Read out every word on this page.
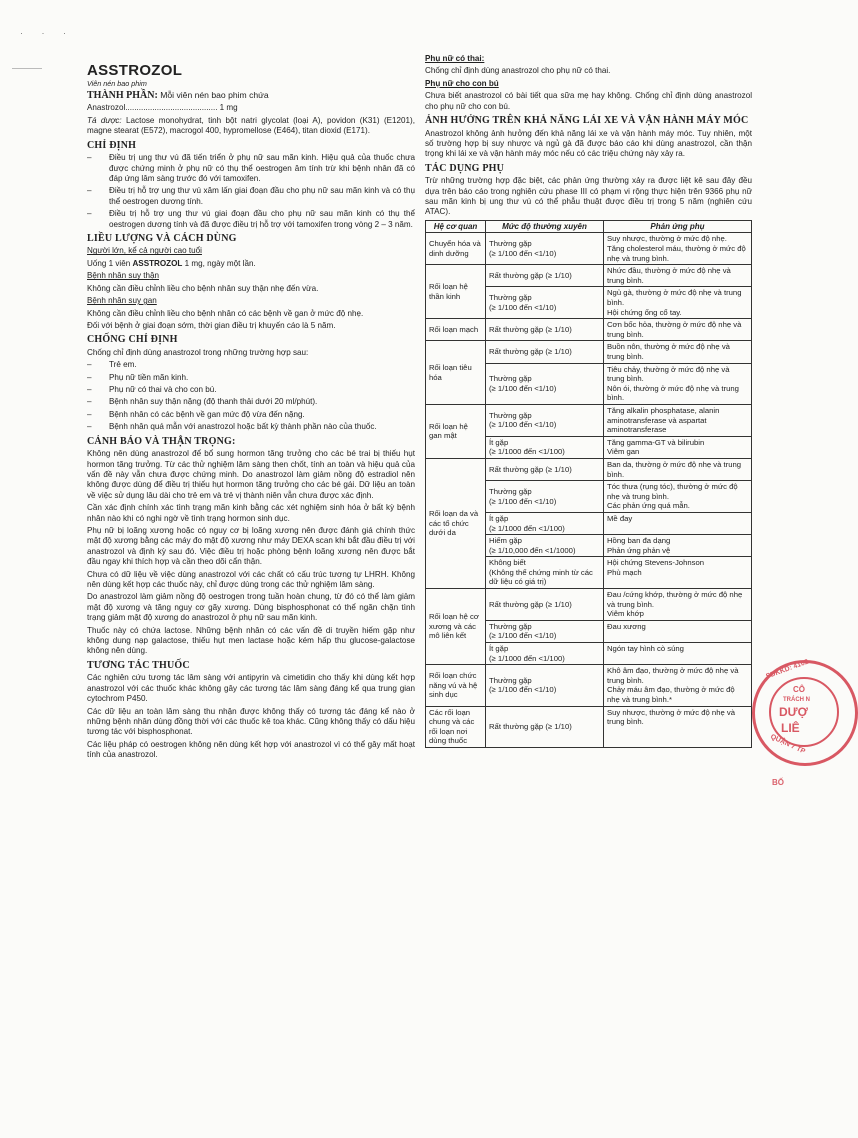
· · ·
ASSTROZOL
Viên nén bao phim

THÀNH PHẦN: Mỗi viên nén bao phim chứa

Anastrozol......................................... 1 mg

Tá dược: Lactose monohydrat, tinh bột natri glycolat (loại A), povidon (K31) (E1201), magne stearat (E572), macrogol 400, hypromellose (E464), titan dioxid (E171).

CHỈ ĐỊNH
– Điều trị ung thư vú đã tiến triển ở phụ nữ sau mãn kinh. Hiệu quả của thuốc chưa được chứng minh ở phụ nữ có thụ thể oestrogen âm tính trừ khi bệnh nhân đã có đáp ứng lâm sàng trước đó với tamoxifen.
– Điều trị hỗ trợ ung thư vú xâm lấn giai đoạn đầu cho phụ nữ sau mãn kinh và có thụ thể oestrogen dương tính.
– Điều trị hỗ trợ ung thư vú giai đoạn đầu cho phụ nữ sau mãn kinh có thụ thể oestrogen dương tính và đã được điều trị hỗ trợ với tamoxifen trong vòng 2 – 3 năm.
LIỀU LƯỢNG VÀ CÁCH DÙNG

Người lớn, kể cả người cao tuổi

Uống 1 viên ASSTROZOL 1 mg, ngày một lần.

Bệnh nhân suy thận

Không cần điều chỉnh liều cho bệnh nhân suy thận nhẹ đến vừa.

Bệnh nhân suy gan

Không cần điều chỉnh liều cho bệnh nhân có các bệnh về gan ở mức độ nhẹ.

Đối với bệnh ở giai đoạn sớm, thời gian điều trị khuyến cáo là 5 năm.

CHỐNG CHỈ ĐỊNH

Chống chỉ định dùng anastrozol trong những trường hợp sau:

– Trẻ em.
– Phụ nữ tiền mãn kinh.
– Phụ nữ có thai và cho con bú.
– Bệnh nhân suy thận nặng (độ thanh thải dưới 20 ml/phút).
– Bệnh nhân có các bệnh về gan mức độ vừa đến nặng.
– Bệnh nhân quá mẫn với anastrozol hoặc bất kỳ thành phần nào của thuốc.
CẢNH BÁO VÀ THẬN TRỌNG:

Không nên dùng anastrozol để bổ sung hormon tăng trưởng cho các bé trai bị thiếu hụt hormon tăng trưởng. Từ các thử nghiệm lâm sàng then chốt, tính an toàn và hiệu quả của vấn đề này vẫn chưa được chứng minh. Do anastrozol làm giảm nồng độ estradiol nên không được dùng để điều trị thiếu hụt hormon tăng trưởng cho các bé gái. Dữ liệu an toàn về việc sử dụng lâu dài cho trẻ em và trẻ vị thành niên vẫn chưa được xác định.

Cần xác định chính xác tình trạng mãn kinh bằng các xét nghiệm sinh hóa ở bất kỳ bệnh nhân nào khi có nghi ngờ về tình trạng hormon sinh dục.

Phụ nữ bị loãng xương hoặc có nguy cơ bị loãng xương nên được đánh giá chính thức mật độ xương bằng các máy đo mật độ xương như máy DEXA scan khi bắt đầu điều trị với anastrozol và định kỳ sau đó. Việc điều trị hoặc phòng bệnh loãng xương nên được bắt đầu ngay khi thích hợp và cần theo dõi cẩn thận.

Chưa có dữ liệu về việc dùng anastrozol với các chất có cấu trúc tương tự LHRH. Không nên dùng kết hợp các thuốc này, chỉ được dùng trong các thử nghiệm lâm sàng.

Do anastrozol làm giảm nồng độ oestrogen trong tuần hoàn chung, từ đó có thể làm giảm mật độ xương và tăng nguy cơ gãy xương. Dùng bisphosphonat có thể ngăn chặn tình trạng giảm mật độ xương do anastrozol ở phụ nữ sau mãn kinh.

Thuốc này có chứa lactose. Những bệnh nhân có các vấn đề di truyền hiếm gặp như không dung nạp galactose, thiếu hụt men lactase hoặc kém hấp thu glucose-galactose không nên dùng.

TƯƠNG TÁC THUỐC

Các nghiên cứu tương tác lâm sàng với antipyrin và cimetidin cho thấy khi dùng kết hợp anastrozol với các thuốc khác không gây các tương tác lâm sàng đáng kể qua trung gian cytochrom P450.

Các dữ liệu an toàn lâm sàng thu nhận được không thấy có tương tác đáng kể nào ở những bệnh nhân dùng đồng thời với các thuốc kê toa khác. Cũng không thấy có dấu hiệu tương tác với bisphosphonat.

Các liệu pháp có oestrogen không nên dùng kết hợp với anastrozol vì có thể gây mất hoạt tính của anastrozol.

Phụ nữ có thai:

Chống chỉ định dùng anastrozol cho phụ nữ có thai.

Phụ nữ cho con bú

Chưa biết anastrozol có bài tiết qua sữa mẹ hay không. Chống chỉ định dùng anastrozol cho phụ nữ cho con bú.

ẢNH HƯỞNG TRÊN KHẢ NĂNG LÁI XE VÀ VẬN HÀNH MÁY MÓC

Anastrozol không ảnh hưởng đến khả năng lái xe và vận hành máy móc. Tuy nhiên, một số trường hợp bị suy nhược và ngủ gà đã được báo cáo khi dùng anastrozol, cần thận trọng khi lái xe và vận hành máy móc nếu có các triệu chứng này xảy ra.

TÁC DỤNG PHỤ

Trừ những trường hợp đặc biệt, các phản ứng thường xảy ra được liệt kê sau đây đều dựa trên báo cáo trong nghiên cứu phase III có phạm vi rộng thực hiện trên 9366 phụ nữ sau mãn kinh bị ung thư vú có thể phẫu thuật được điều trị trong 5 năm (nghiên cứu ATAC).

Hệ cơ quan	Mức độ thường xuyên	Phản ứng phụ
Chuyển hóa và dinh dưỡng	Thường gặp
(≥ 1/100 đến <1/10)	Suy nhược, thường ở mức độ nhẹ.
Tăng cholesterol máu, thường ở mức độ nhẹ và trung bình.
Rối loạn hệ thần kinh	Rất thường gặp (≥ 1/10)	Nhức đầu, thường ở mức độ nhẹ và trung bình.
	Thường gặp
(≥ 1/100 đến <1/10)	Ngủ gà, thường ở mức độ nhẹ và trung bình.
Hội chứng ống cổ tay.
Rối loạn mạch	Rất thường gặp (≥ 1/10)	Cơn bốc hỏa, thường ở mức độ nhẹ và trung bình.
Rối loạn tiêu hóa	Rất thường gặp (≥ 1/10)	Buồn nôn, thường ở mức độ nhẹ và trung bình.
	Thường gặp
(≥ 1/100 đến <1/10)	Tiêu chảy, thường ở mức độ nhẹ và trung bình.
Nôn ói, thường ở mức độ nhẹ và trung bình.
Rối loạn hệ gan mật	Thường gặp
(≥ 1/100 đến <1/10)	Tăng alkalin phosphatase, alanin aminotransferase và aspartat aminotransferase
	Ít gặp
(≥ 1/1000 đến <1/100)	Tăng gamma-GT và bilirubin
Viêm gan
Rối loạn da và các tổ chức dưới da	Rất thường gặp (≥ 1/10)	Ban da, thường ở mức độ nhẹ và trung bình.
	Thường gặp
(≥ 1/100 đến <1/10)	Tóc thưa (rụng tóc), thường ở mức độ nhẹ và trung bình.
Các phản ứng quá mẫn.
	Ít gặp
(≥ 1/1000 đến <1/100)	Mề đay
	Hiếm gặp
(≥ 1/10,000 đến <1/1000)	Hồng ban đa dạng
Phản ứng phản vệ
	Không biết
(Không thể chứng minh từ các dữ liệu có giá trị)	Hội chứng Stevens-Johnson
Phù mạch
Rối loạn hệ cơ xương và các mô liên kết	Rất thường gặp (≥ 1/10)	Đau /cứng khớp, thường ở mức độ nhẹ và trung bình.
Viêm khớp
	Thường gặp
(≥ 1/100 đến <1/10)	Đau xương
	Ít gặp
(≥ 1/1000 đến <1/100)	Ngón tay hình cò súng
Rối loạn chức năng vú và hệ sinh dục	Thường gặp
(≥ 1/100 đến <1/10)	Khô âm đạo, thường ở mức độ nhẹ và trung bình.
Chảy máu âm đạo, thường ở mức độ nhẹ và trung bình.*
Các rối loạn chung và các rối loạn nơi dùng thuốc	Rất thường gặp (≥ 1/10)	Suy nhược, thường ở mức độ nhẹ và trung bình.
SĐKKD: 4102
CÔ
TRÁCH N
DƯỢ
LIÊ
QUẬN 7 TP
BỐ
